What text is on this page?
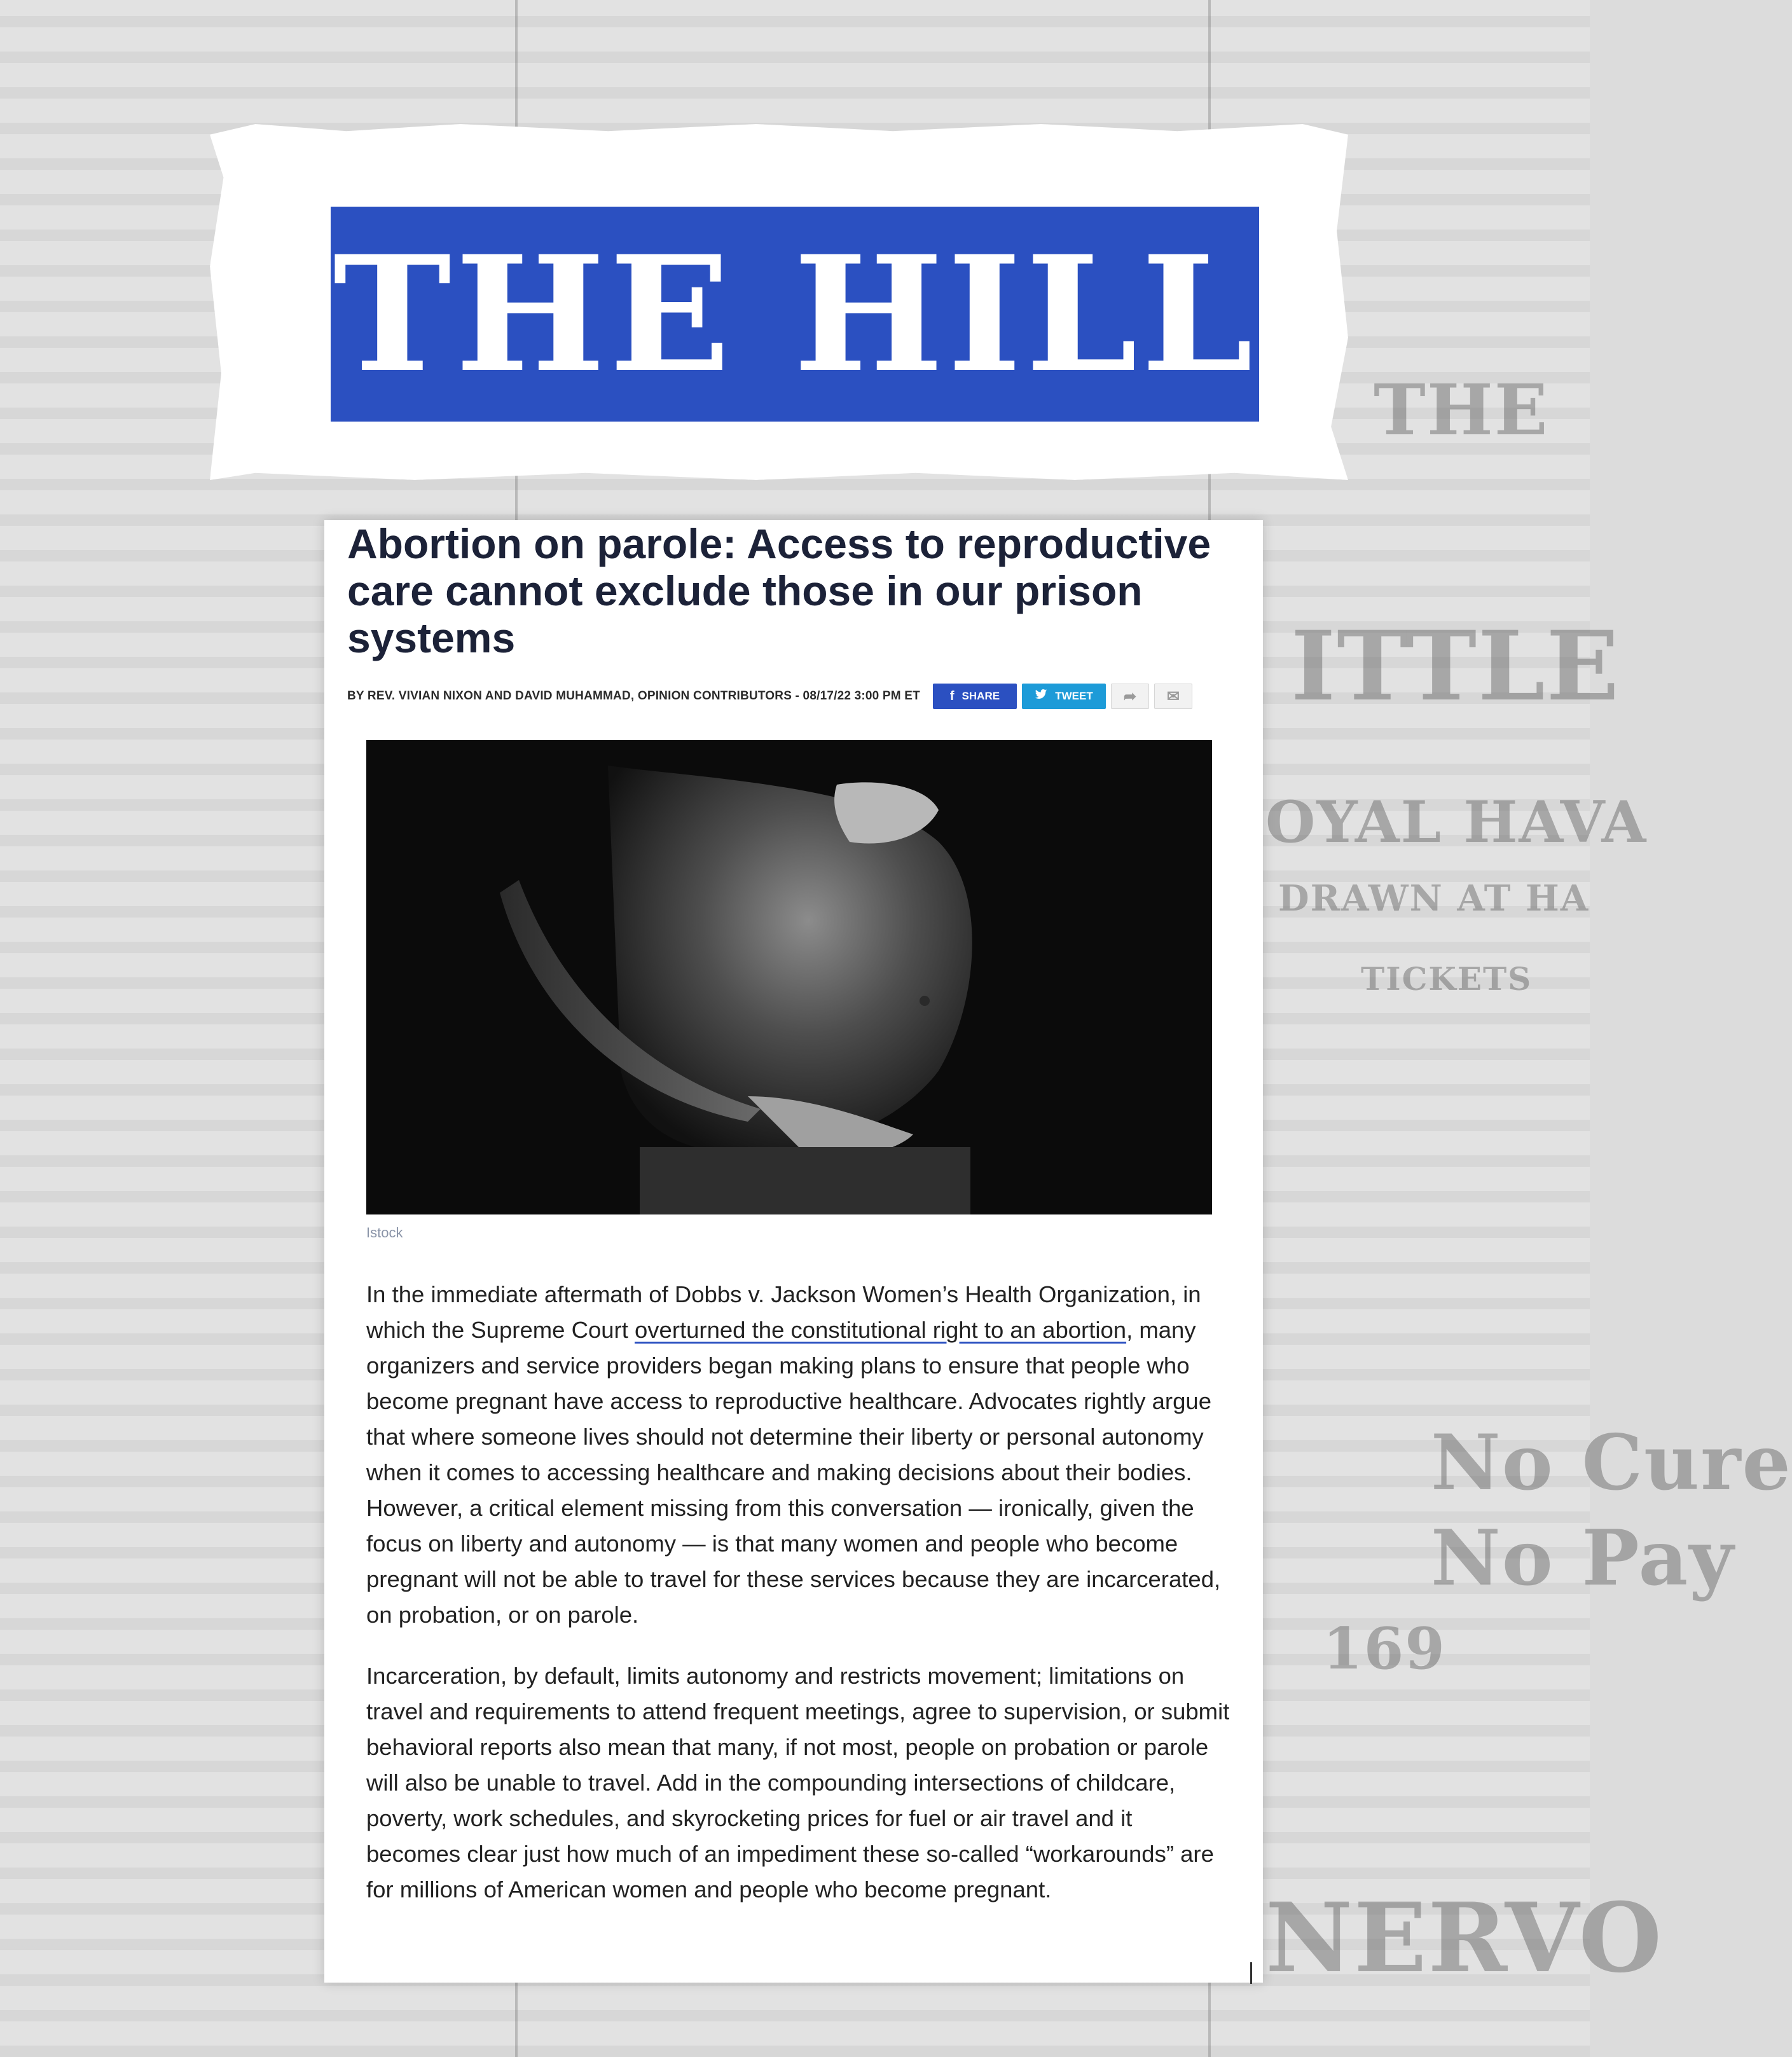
THE
ITTLE
OYAL HAVA
DRAWN AT HA
TICKETS
NERVO
No Cure
No Pay
169
THE HILL
Abortion on parole: Access to reproductive care cannot exclude those in our prison systems
BY REV. VIVIAN NIXON AND DAVID MUHAMMAD, OPINION CONTRIBUTORS - 08/17/22 3:00 PM ET f SHARE	TWEET ➦ ✉
Istock

In the immediate aftermath of Dobbs v. Jackson Women’s Health Organization, in which the Supreme Court overturned the constitutional right to an abortion, many organizers and service providers began making plans to ensure that people who become pregnant have access to reproductive healthcare. Advocates rightly argue that where someone lives should not determine their liberty or personal autonomy when it comes to accessing healthcare and making decisions about their bodies. However, a critical element missing from this conversation — ironically, given the focus on liberty and autonomy — is that many women and people who become pregnant will not be able to travel for these services because they are incarcerated, on probation, or on parole.

Incarceration, by default, limits autonomy and restricts movement; limitations on travel and requirements to attend frequent meetings, agree to supervision, or submit behavioral reports also mean that many, if not most, people on probation or parole will also be unable to travel. Add in the compounding intersections of childcare, poverty, work schedules, and skyrocketing prices for fuel or air travel and it becomes clear just how much of an impediment these so-called “workarounds” are for millions of American women and people who become pregnant.
